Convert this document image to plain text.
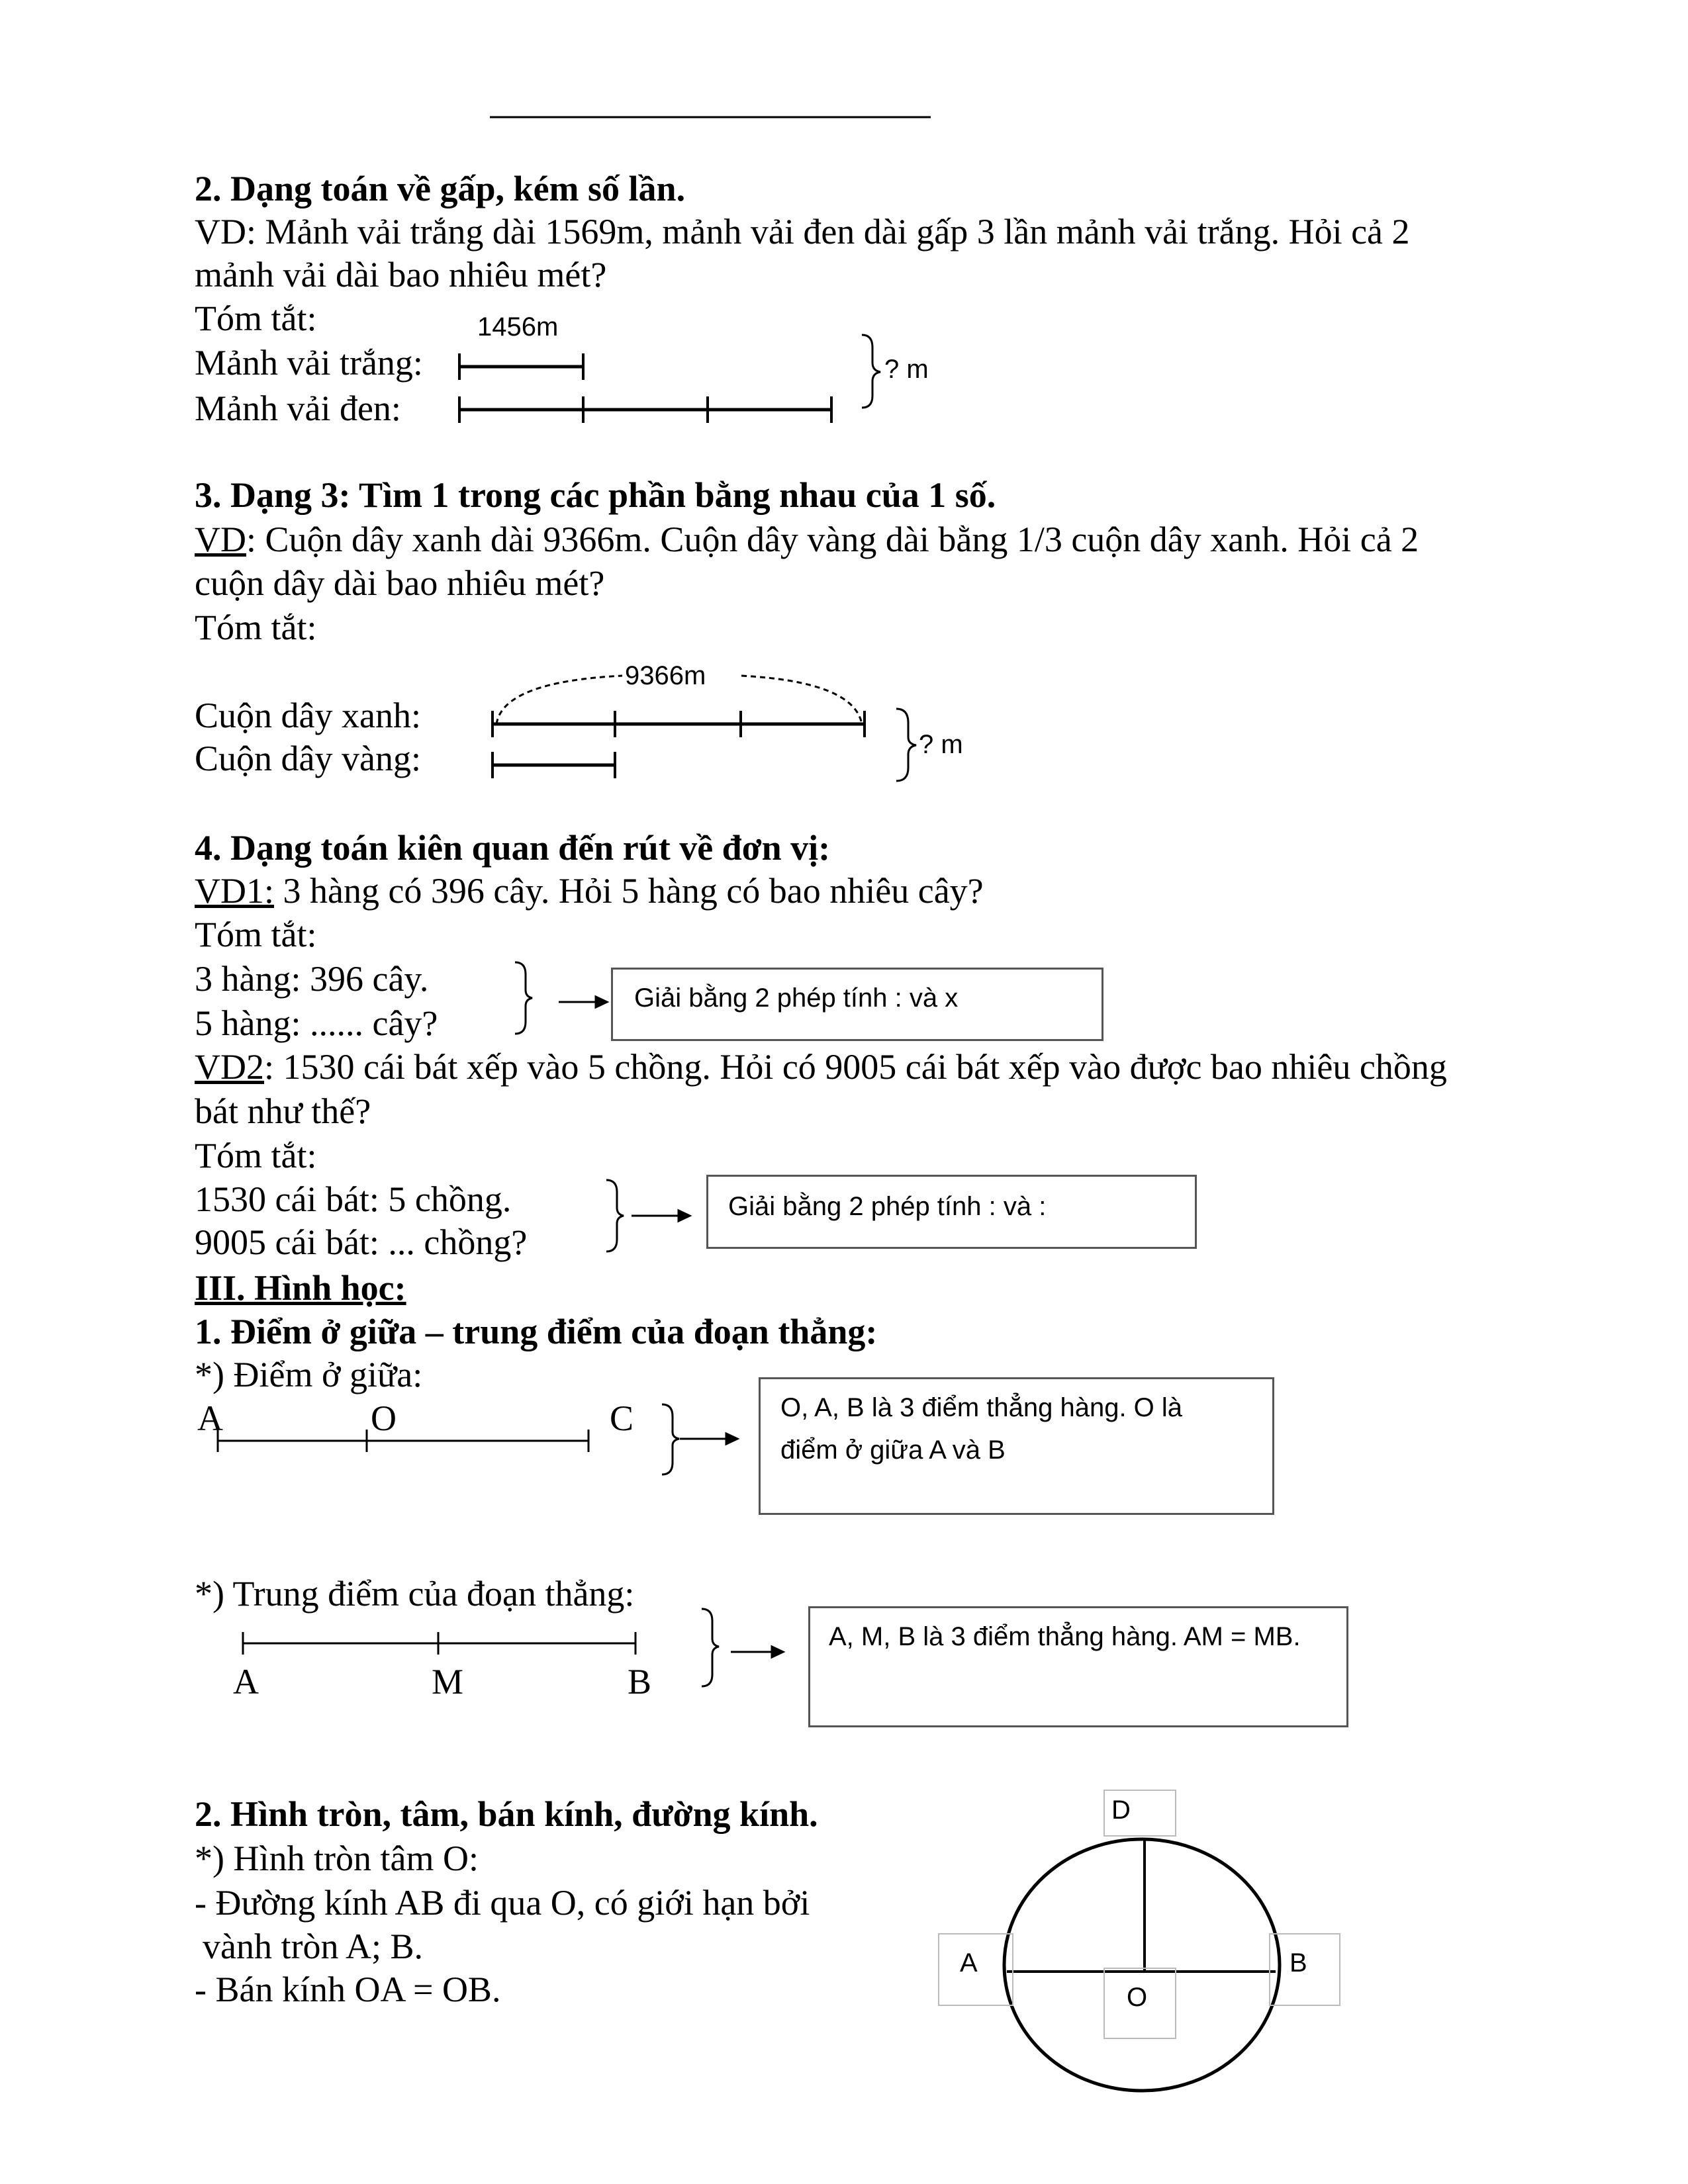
2. Dạng toán về gấp, kém số lần.
VD: Mảnh vải trắng dài 1569m, mảnh vải đen dài gấp 3 lần mảnh vải trắng. Hỏi cả 2
mảnh vải dài bao nhiêu mét?
Tóm tắt:
Mảnh vải trắng:
Mảnh vải đen:
1456m
? m
3. Dạng 3: Tìm 1 trong các phần bằng nhau của 1 số.
VD: Cuộn dây xanh dài 9366m. Cuộn dây vàng dài bằng 1/3 cuộn dây xanh. Hỏi cả 2
cuộn dây dài bao nhiêu mét?
Tóm tắt:
Cuộn dây xanh:
Cuộn dây vàng:
9366m
? m
4. Dạng toán kiên quan đến rút về đơn vị:
VD1: 3 hàng có 396 cây. Hỏi 5 hàng có bao nhiêu cây?
Tóm tắt:
3 hàng: 396 cây.
5 hàng: ...... cây?
Giải bằng 2 phép tính : và x
VD2: 1530 cái bát xếp vào 5 chồng. Hỏi có 9005 cái bát xếp vào được bao nhiêu chồng
bát như thế?
Tóm tắt:
1530 cái bát: 5 chồng.
9005 cái bát: ... chồng?
Giải bằng 2 phép tính : và :
III. Hình học:
1. Điểm ở giữa – trung điểm của đoạn thẳng:
*) Điểm ở giữa:
A	O	C	O, A, B là 3 điểm thẳng hàng. O là
điểm ở giữa A và B
*) Trung điểm của đoạn thẳng:
A	M	B
A, M, B là 3 điểm thẳng hàng. AM = MB.
2. Hình tròn, tâm, bán kính, đường kính.
*) Hình tròn tâm O:
- Đường kính AB đi qua O, có giới hạn bởi
vành tròn A; B.
- Bán kính OA = OB.
D
A	B
O
